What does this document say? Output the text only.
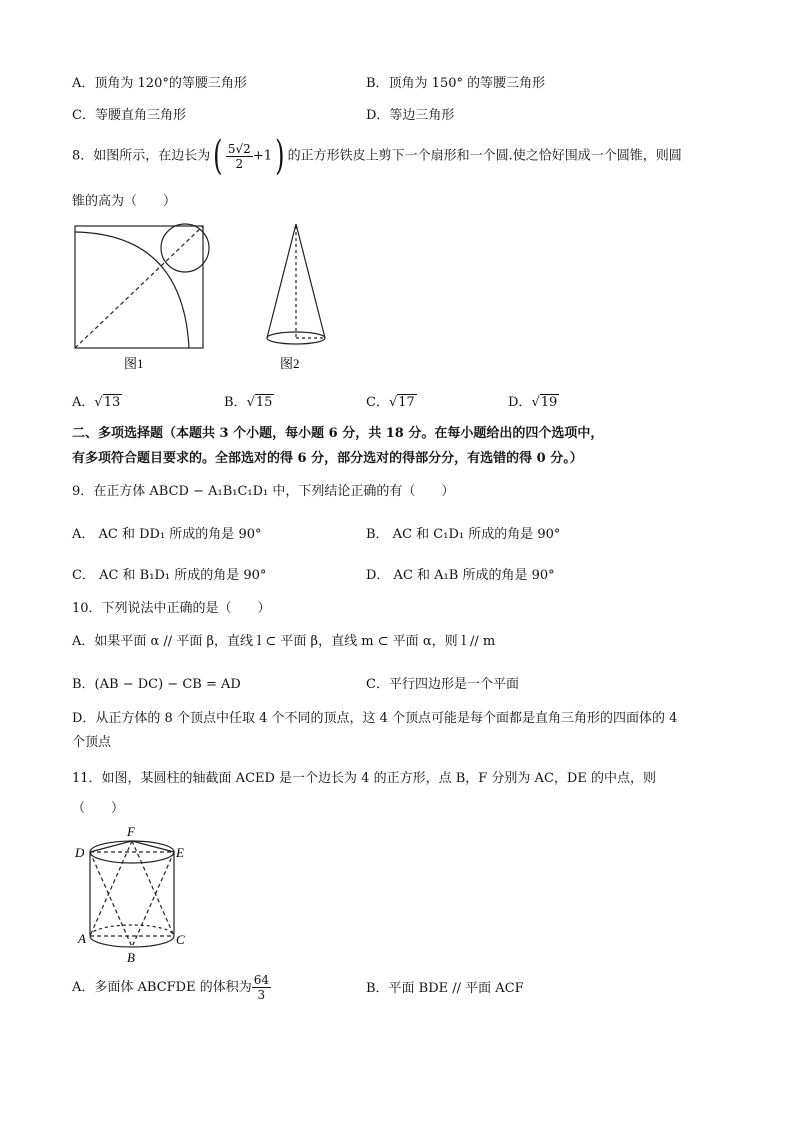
A．顶角为 120°的等腰三角形	B．顶角为 150° 的等腰三角形
C．等腰直角三角形	D．等边三角形
8．如图所示，在边长为( $\frac{5√2}{2} +1$) 的正方形铁皮上剪下一个扇形和一个圆.使之恰好围成一个圆锥，则圆
锥的高为（　　）
图1	图2
A．√13	B．√15	C．√17	D．√19
二、多项选择题（本题共 3 个小题，每小题 6 分，共 18 分。在每小题给出的四个选项中，
有多项符合题目要求的。全部选对的得 6 分，部分选对的得部分分，有选错的得 0 分。）
9．在正方体 ABCD − A₁B₁C₁D₁ 中，下列结论正确的有（　　）
A． AC 和 DD₁ 所成的角是 90°	B． AC 和 C₁D₁ 所成的角是 90°
C． AC 和 B₁D₁ 所成的角是 90°	D． AC 和 A₁B 所成的角是 90°
10．下列说法中正确的是（　　）
A．如果平面 α // 平面 β，直线 l ⊂ 平面 β，直线 m ⊂ 平面 α，则 l // m
B．(AB − DC) − CB = AD	C．平行四边形是一个平面
D．从正方体的 8 个顶点中任取 4 个不同的顶点，这 4 个顶点可能是每个面都是直角三角形的四面体的 4
个顶点
11．如图，某圆柱的轴截面 ACED 是一个边长为 4 的正方形，点 B，F 分别为 AC，DE 的中点，则
（　　）
F
D	E
A	C
B
A．多面体 ABCFDE 的体积为 $\frac{64}{3}$	B．平面 BDE // 平面 ACF
